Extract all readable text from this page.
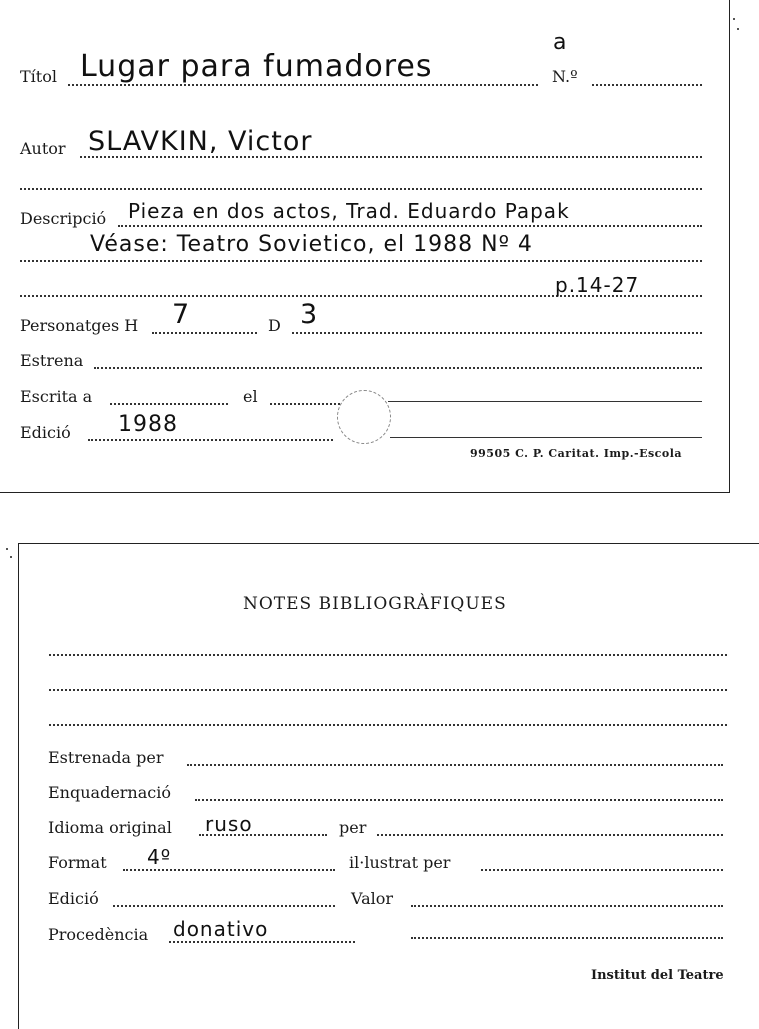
Títol Lugar para fumadores
a
N.º
Autor SLAVKIN, Victor
Descripció Pieza en dos actos, Trad. Eduardo Papak
Véase: Teatro Sovietico, el 1988 Nº 4
p.14-27
Personatges H 7	D 3
Estrena
Escrita a	el
Edició 1988
99505 C. P. Caritat. Imp.-Escola
NOTES BIBLIOGRÀFIQUES
Estrenada per
Enquadernació
Idioma original ruso	per
Format 4º	il·lustrat per
Edició	Valor
Procedència donativo
Institut del Teatre
